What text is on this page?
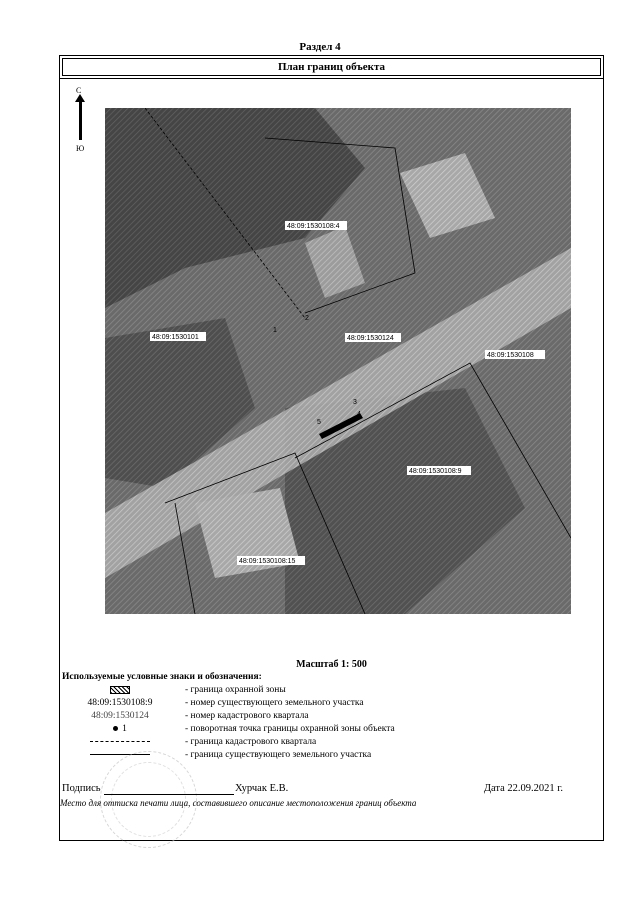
Раздел 4
План границ объекта
С
Ю
48:09:1530108:4
48:09:1530101	48:09:1530124
48:09:1530108
48:09:1530108:9
48:09:1530108:15
1
2
3
4
5
6
Масштаб 1: 500
Используемые условные знаки и обозначения:
- граница охранной зоны
48:09:1530108:9	- номер существующего земельного участка
48:09:1530124	- номер кадастрового квартала
1	- поворотная точка границы охранной зоны объекта
- граница кадастрового квартала
- граница существующего земельного участка
Подпись	Хурчак Е.В.	Дата 22.09.2021 г.
Место для оттиска печати лица, составившего описание местоположения границ объекта
